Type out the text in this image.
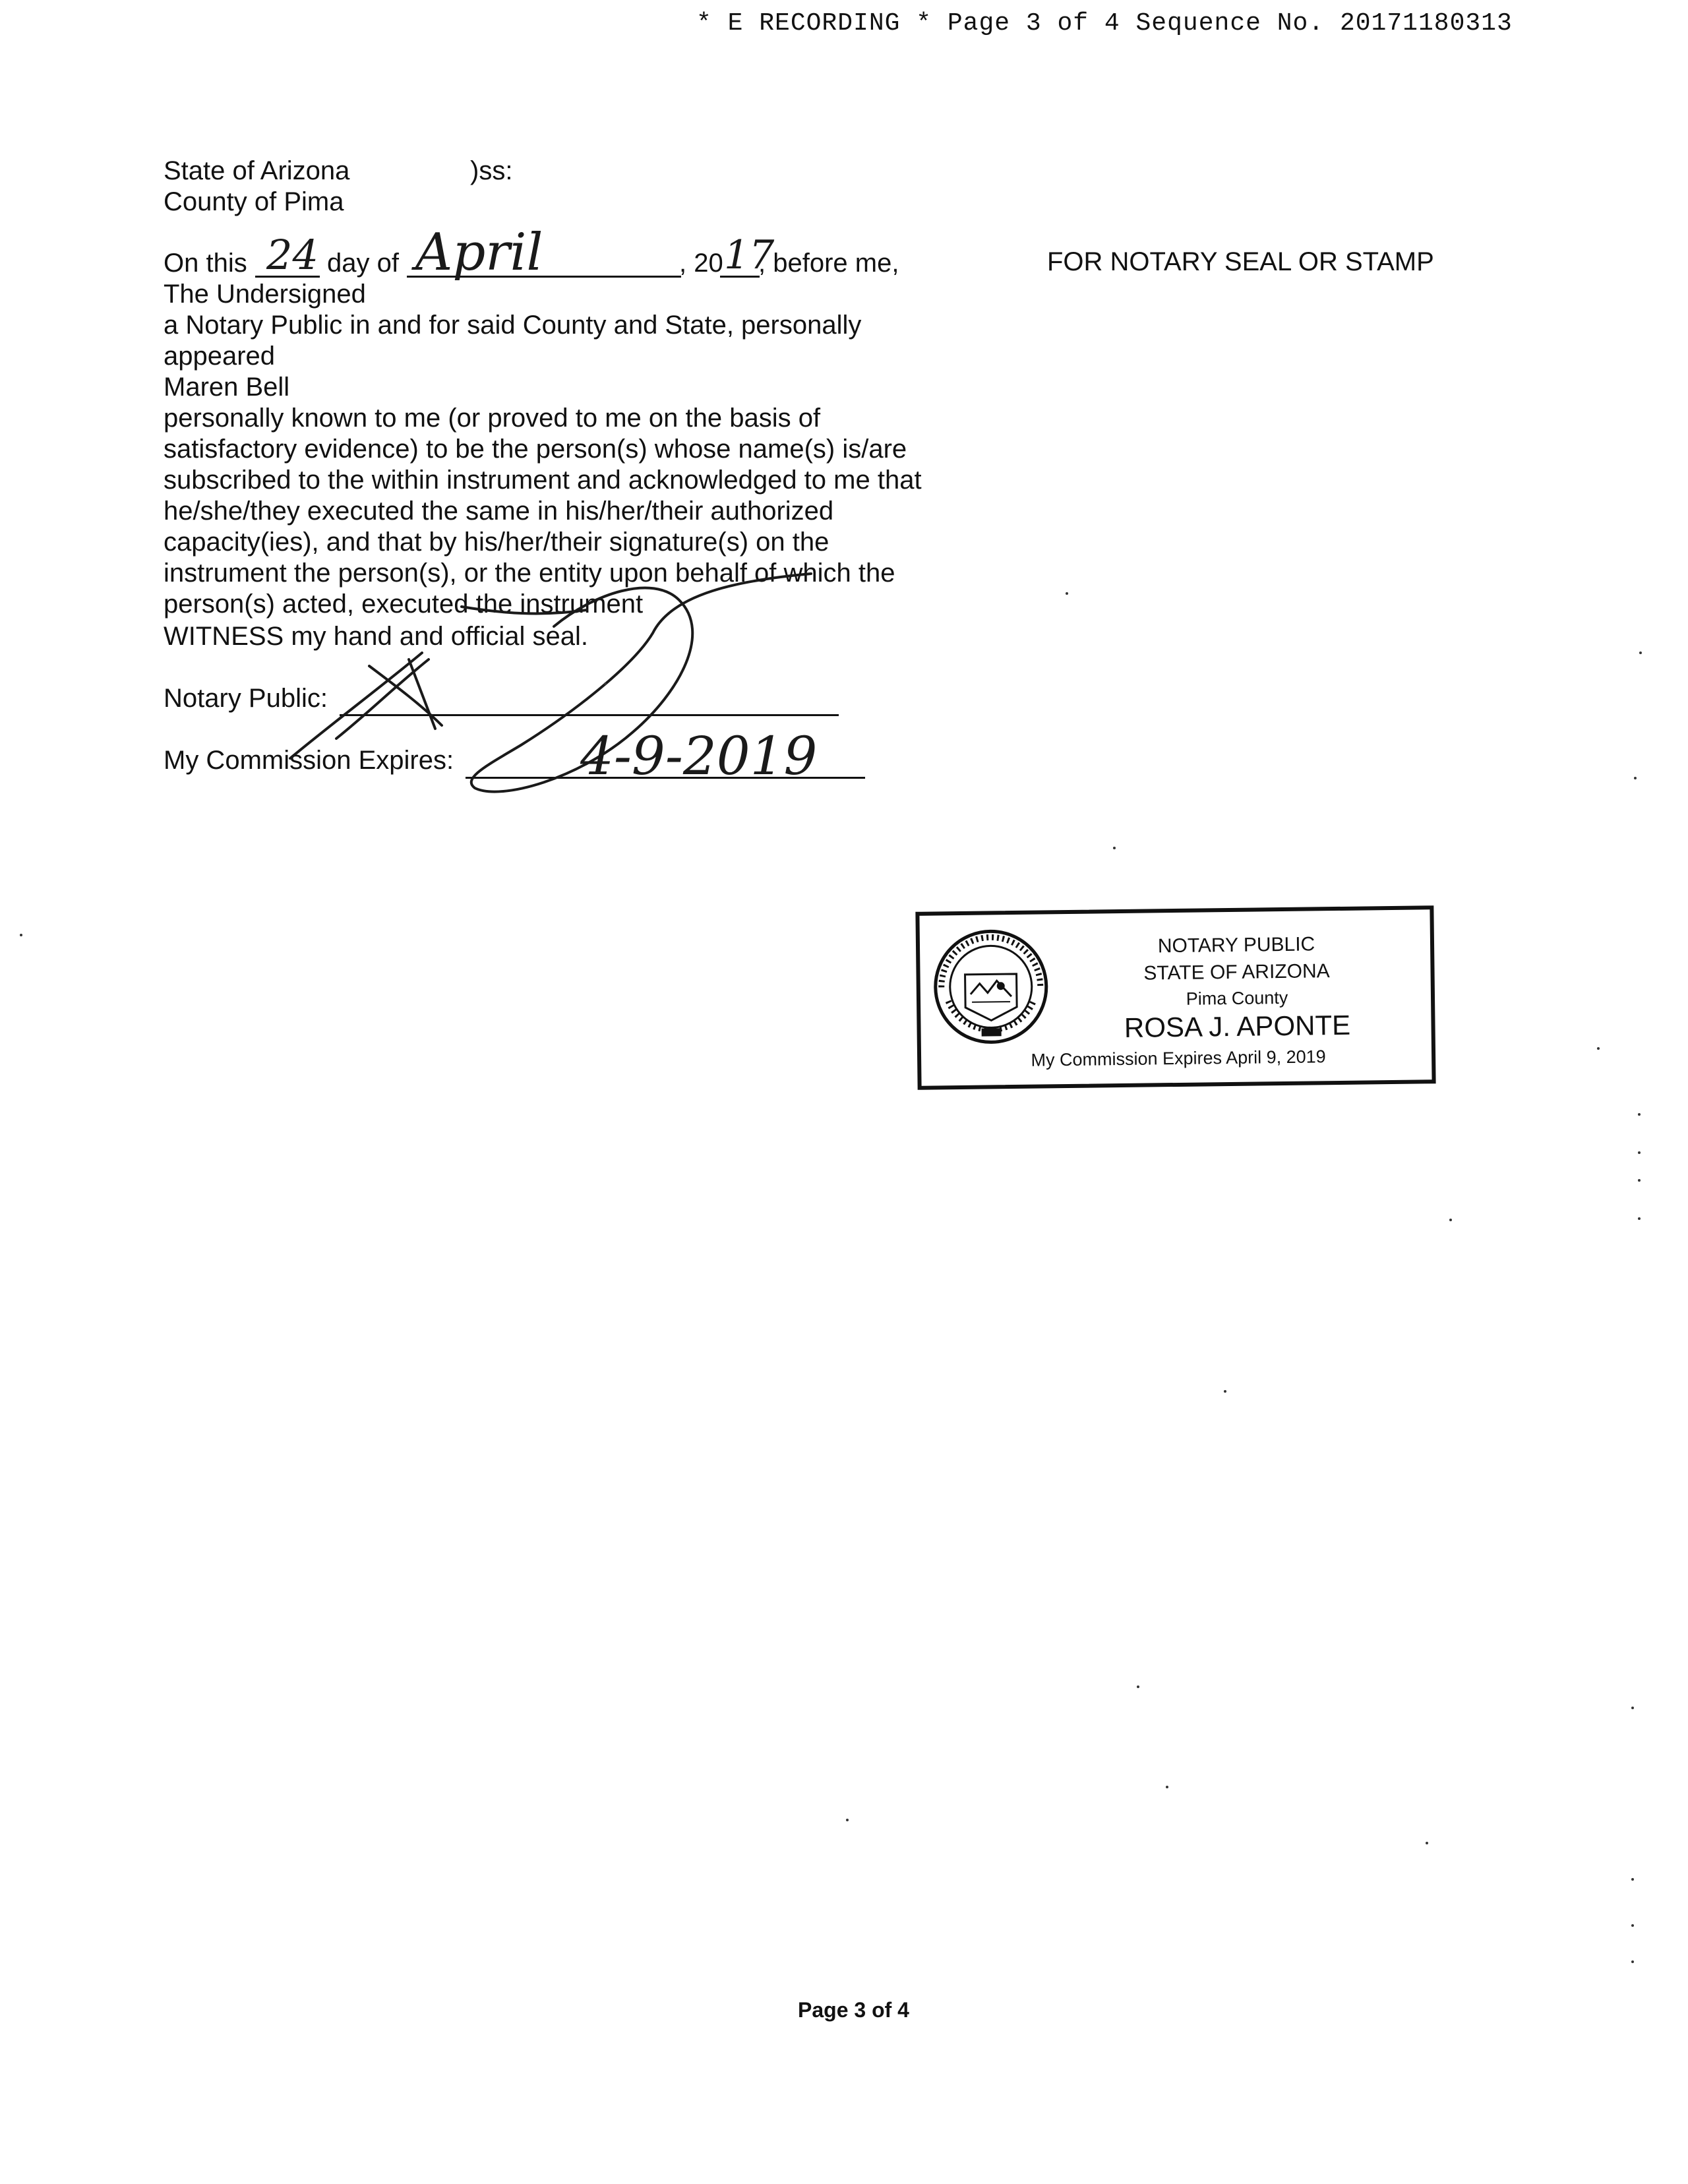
* E RECORDING * Page 3 of 4 Sequence No. 20171180313
State of Arizona	)ss:
County of Pima
On this 24 day of April	, 20 17
, before me,	FOR NOTARY SEAL OR STAMP
The Undersigned
a Notary Public in and for said County and State, personally
appeared
Maren Bell
personally known to me (or proved to me on the basis of
satisfactory evidence) to be the person(s) whose name(s) is/are
subscribed to the within instrument and acknowledged to me that
he/she/they executed the same in his/her/their authorized
capacity(ies), and that by his/her/their signature(s) on the
instrument the person(s), or the entity upon behalf of which the
person(s) acted, executed the instrument
WITNESS my hand and official seal.
Notary Public:
My Commission Expires: 4-9-2019
NOTARY PUBLIC
STATE OF ARIZONA
Pima County
ROSA J. APONTE
My Commission Expires April 9, 2019
Page 3 of 4
